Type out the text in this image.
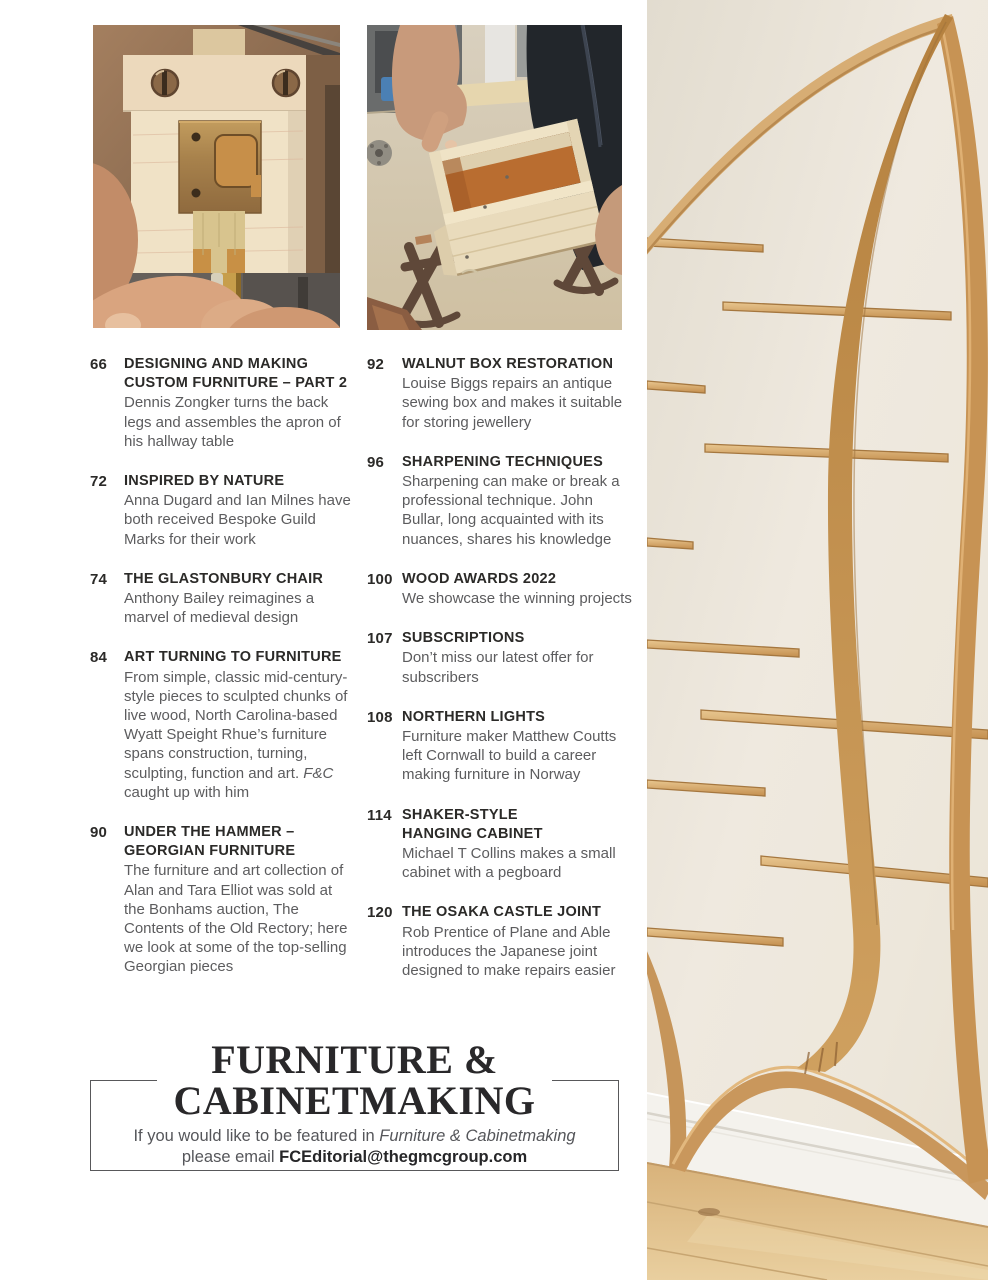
66	DESIGNING AND MAKING
CUSTOM FURNITURE – PART 2
Dennis Zongker turns the back legs and assembles the apron of his hallway table
72	INSPIRED BY NATURE
Anna Dugard and Ian Milnes have both received Bespoke Guild Marks for their work
74	THE GLASTONBURY CHAIR
Anthony Bailey reimagines a marvel of medieval design
84	ART TURNING TO FURNITURE
From simple, classic mid-century-style pieces to sculpted chunks of live wood, North Carolina-based Wyatt Speight Rhue’s furniture spans construction, turning, sculpting, function and art. F&C caught up with him
90	UNDER THE HAMMER –
GEORGIAN FURNITURE
The furniture and art collection of Alan and Tara Elliot was sold at the Bonhams auction, The Contents of the Old Rectory; here we look at some of the top-selling Georgian pieces
92	WALNUT BOX RESTORATION
Louise Biggs repairs an antique sewing box and makes it suitable for storing jewellery
96	SHARPENING TECHNIQUES
Sharpening can make or break a professional technique. John Bullar, long acquainted with its nuances, shares his knowledge
100 WOOD AWARDS 2022
We showcase the winning projects
107 SUBSCRIPTIONS
Don’t miss our latest offer for subscribers
108 NORTHERN LIGHTS
Furniture maker Matthew Coutts left Cornwall to build a career making furniture in Norway
114 SHAKER-STYLE
HANGING CABINET
Michael T Collins makes a small cabinet with a pegboard
120 THE OSAKA CASTLE JOINT
Rob Prentice of Plane and Able introduces the Japanese joint designed to make repairs easier
FURNITURE &
CABINETMAKING
If you would like to be featured in Furniture & Cabinetmaking
please email FCEditorial@thegmcgroup.com
